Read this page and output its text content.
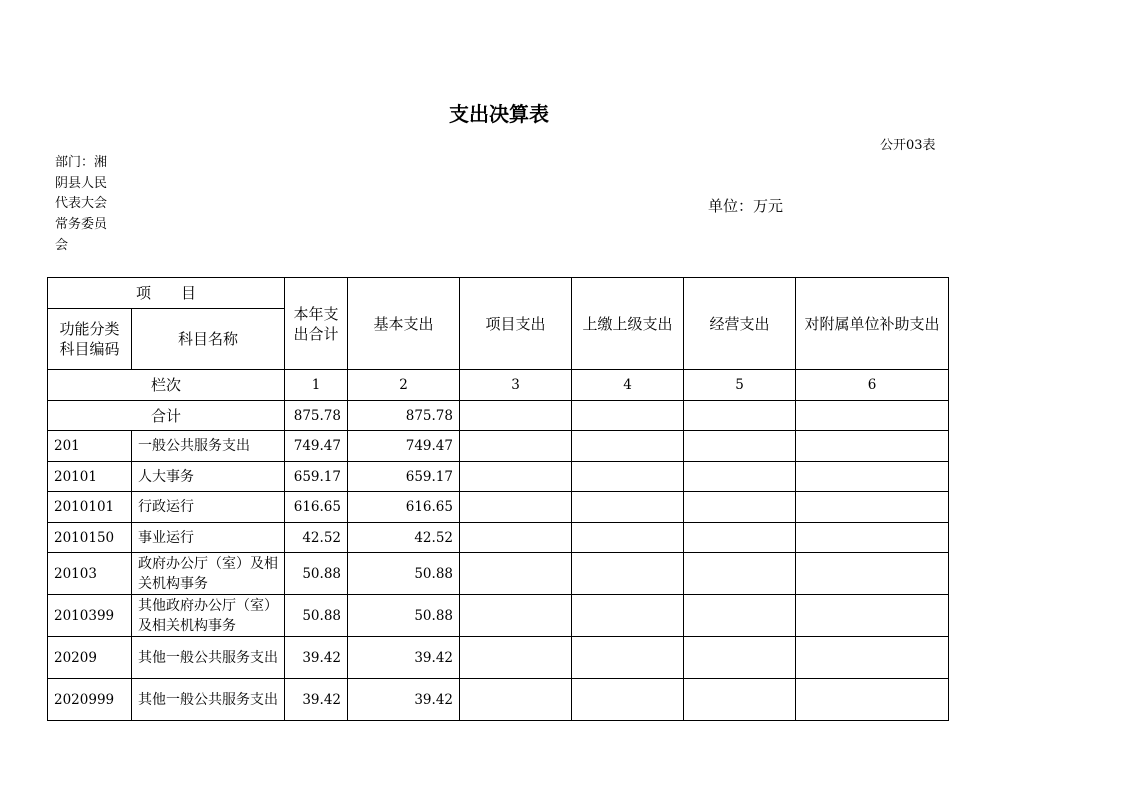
支出决算表
公开03表
部门：湘阴县人民代表大会常务委员会
单位：万元
项　　目		本年支出合计	基本支出	项目支出	上缴上级支出	经营支出	对附属单位补助支出
功能分类科目编码	科目名称						
栏次		1	2	3	4	5	6
合计		875.78	875.78				
201	一般公共服务支出	749.47	749.47				
20101	人大事务	659.17	659.17				
2010101	行政运行	616.65	616.65				
2010150	事业运行	42.52	42.52				
20103	政府办公厅（室）及相关机构事务	50.88	50.88				
2010399	其他政府办公厅（室）及相关机构事务	50.88	50.88				
20209	其他一般公共服务支出	39.42	39.42				
2020999	其他一般公共服务支出	39.42	39.42				
